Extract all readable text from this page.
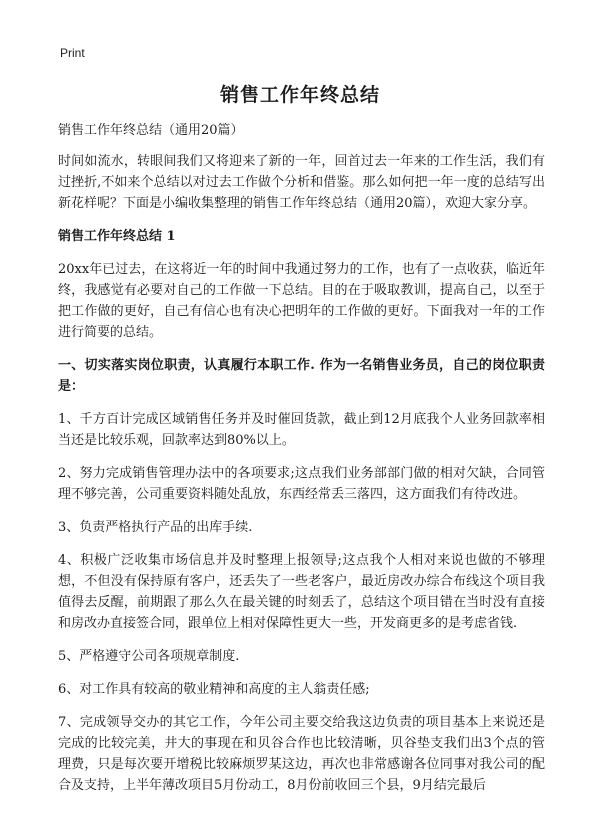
Print
销售工作年终总结

销售工作年终总结（通用20篇）

时间如流水，转眼间我们又将迎来了新的一年，回首过去一年来的工作生活，我们有过挫折,不如来个总结以对过去工作做个分析和借鉴。那么如何把一年一度的总结写出新花样呢？下面是小编收集整理的销售工作年终总结（通用20篇），欢迎大家分享。

销售工作年终总结 1

20xx年已过去，在这将近一年的时间中我通过努力的工作，也有了一点收获，临近年终，我感觉有必要对自己的工作做一下总结。目的在于吸取教训，提高自己，以至于把工作做的更好，自己有信心也有决心把明年的工作做的更好。下面我对一年的工作进行简要的总结。

一、切实落实岗位职责，认真履行本职工作. 作为一名销售业务员，自己的岗位职责是：

1、千方百计完成区域销售任务并及时催回货款，截止到12月底我个人业务回款率相当还是比较乐观，回款率达到80%以上。

2、努力完成销售管理办法中的各项要求;这点我们业务部部门做的相对欠缺，合同管理不够完善，公司重要资料随处乱放，东西经常丢三落四，这方面我们有待改进。

3、负责严格执行产品的出库手续.

4、积极广泛收集市场信息并及时整理上报领导;这点我个人相对来说也做的不够理想，不但没有保持原有客户，还丢失了一些老客户，最近房改办综合布线这个项目我值得去反醒，前期跟了那么久在最关键的时刻丢了，总结这个项目错在当时没有直接和房改办直接签合同，跟单位上相对保障性更大一些，开发商更多的是考虑省钱.

5、严格遵守公司各项规章制度.

6、对工作具有较高的敬业精神和高度的主人翁责任感;

7、完成领导交办的其它工作，今年公司主要交给我这边负责的项目基本上来说还是完成的比较完美，井大的事现在和贝谷合作也比较清晰，贝谷垫支我们出3个点的管理费，只是每次要开增税比较麻烦罗某这边，再次也非常感谢各位同事对我公司的配合及支持，上半年薄改项目5月份动工，8月份前收回三个县，9月结完最后
